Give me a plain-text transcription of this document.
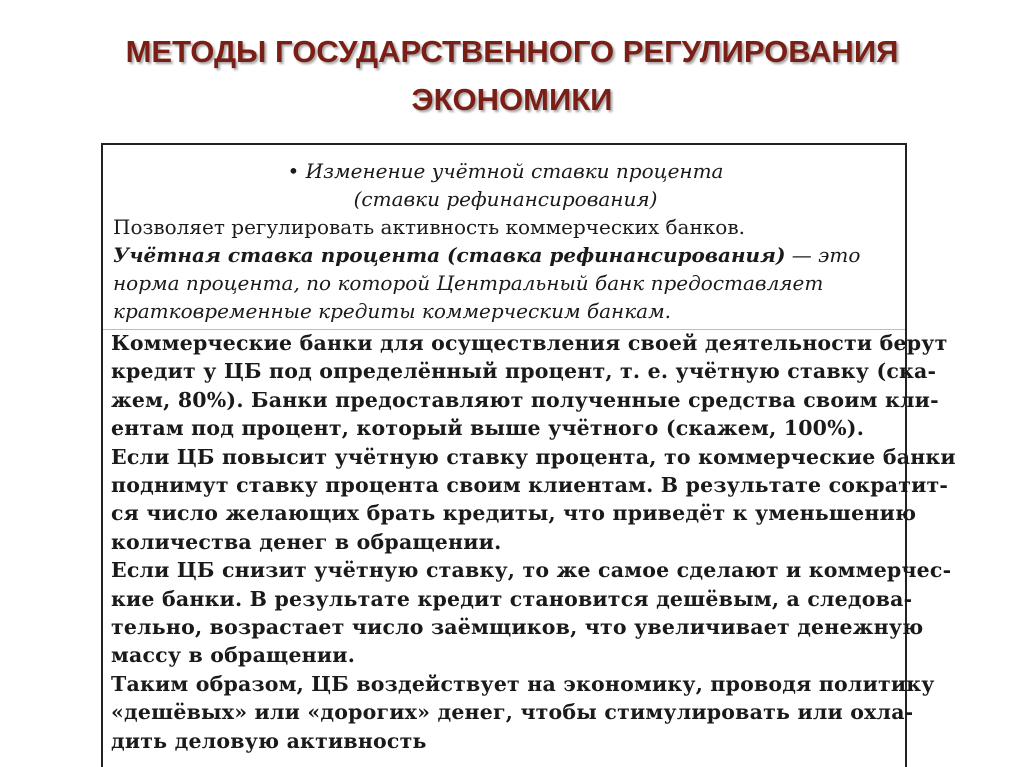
МЕТОДЫ ГОСУДАРСТВЕННОГО РЕГУЛИРОВАНИЯ
ЭКОНОМИКИ
• Изменение учётной ставки процента
(ставки рефинансирования)
Позволяет регулировать активность коммерческих банков.
Учётная ставка процента (ставка рефинансирования) — это
норма процента, по которой Центральный банк предоставляет
кратковременные кредиты коммерческим банкам.
Коммерческие банки для осуществления своей деятельности берут
кредит у ЦБ под определённый процент, т. е. учётную ставку (ска-
жем, 80%). Банки предоставляют полученные средства своим кли-
ентам под процент, который выше учётного (скажем, 100%).
Если ЦБ повысит учётную ставку процента, то коммерческие банки
поднимут ставку процента своим клиентам. В результате сократит-
ся число желающих брать кредиты, что приведёт к уменьшению
количества денег в обращении.
Если ЦБ снизит учётную ставку, то же самое сделают и коммерчес-
кие банки. В результате кредит становится дешёвым, а следова-
тельно, возрастает число заёмщиков, что увеличивает денежную
массу в обращении.
Таким образом, ЦБ воздействует на экономику, проводя политику
«дешёвых» или «дорогих» денег, чтобы стимулировать или охла-
дить деловую активность
